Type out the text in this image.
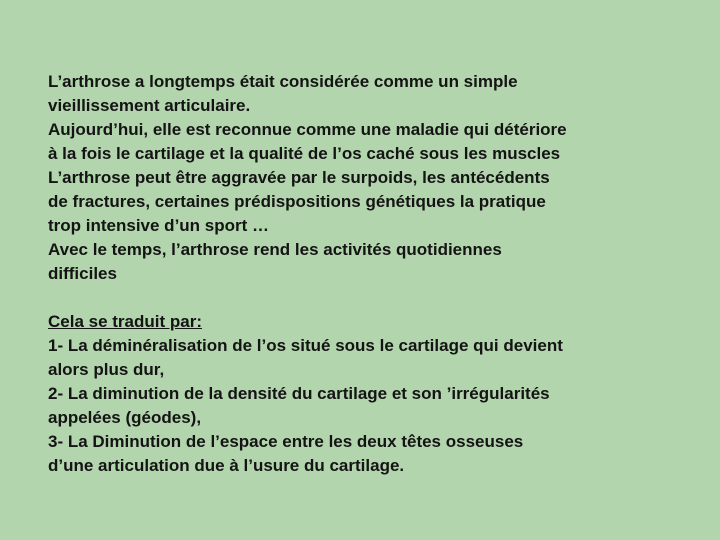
L’arthrose a longtemps était considérée comme un simple
vieillissement articulaire.
Aujourd’hui, elle est reconnue comme une maladie qui détériore
à la fois le cartilage et la qualité de l’os caché sous les muscles
L’arthrose peut être aggravée par le surpoids, les antécédents
de fractures, certaines prédispositions génétiques la pratique
trop intensive d’un sport …
Avec le temps, l’arthrose rend les activités quotidiennes
difficiles
Cela se traduit par:
1- La déminéralisation de l’os situé sous le cartilage qui devient
alors plus dur,
2- La diminution de la densité du cartilage et son ’irrégularités
appelées (géodes),
3- La Diminution de l’espace entre les deux têtes osseuses
d’une articulation due à l’usure du cartilage.
